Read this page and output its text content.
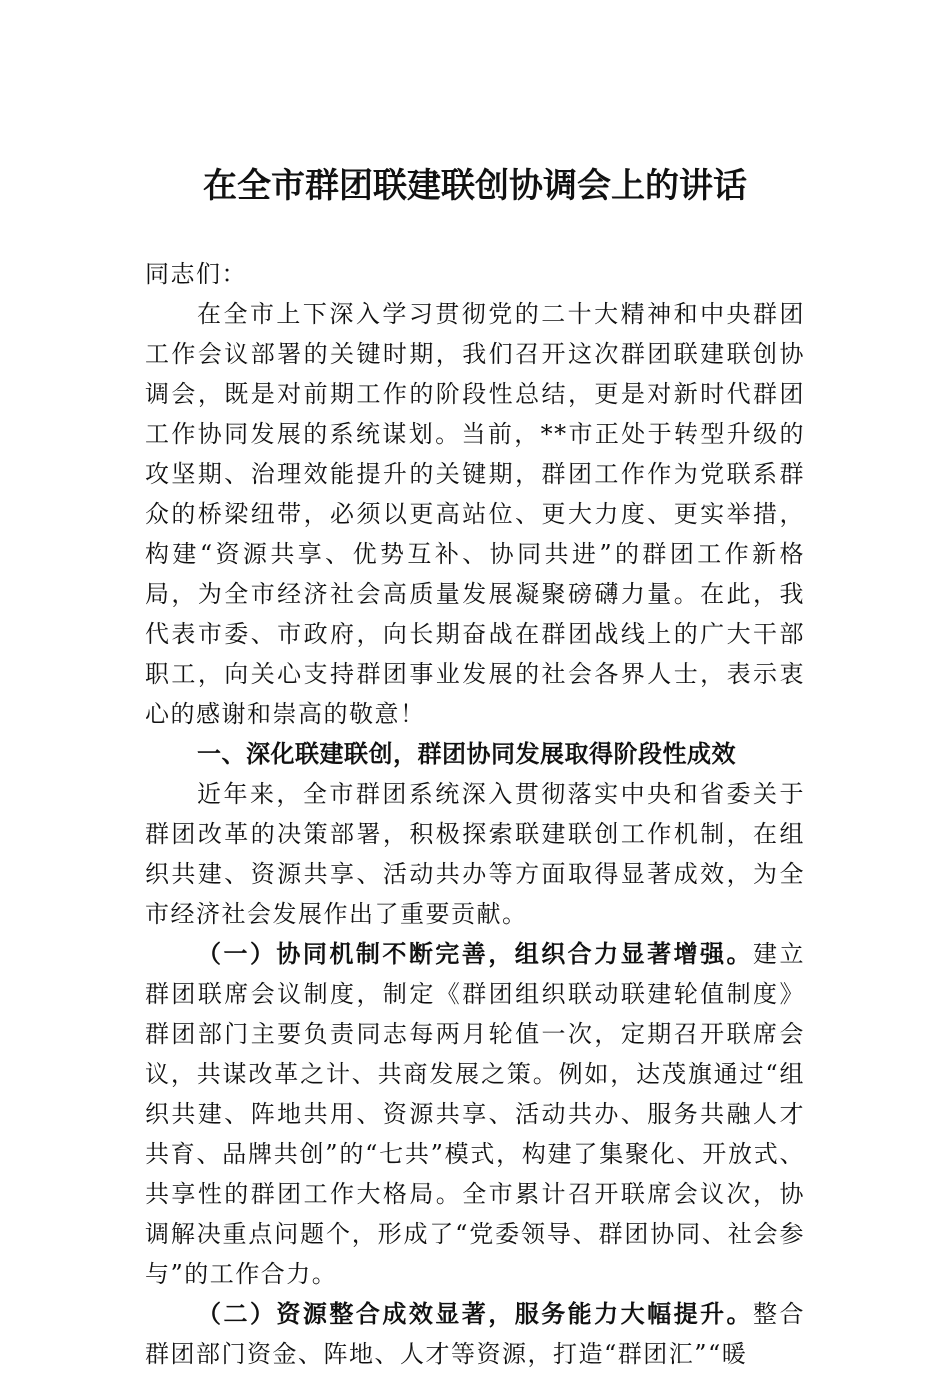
在全市群团联建联创协调会上的讲话

同志们：

在全市上下深入学习贯彻党的二十大精神和中央群团工作会议部署的关键时期，我们召开这次群团联建联创协调会，既是对前期工作的阶段性总结，更是对新时代群团工作协同发展的系统谋划。当前，**市正处于转型升级的攻坚期、治理效能提升的关键期，群团工作作为党联系群众的桥梁纽带，必须以更高站位、更大力度、更实举措，构建“资源共享、优势互补、协同共进”的群团工作新格局，为全市经济社会高质量发展凝聚磅礴力量。在此，我代表市委、市政府，向长期奋战在群团战线上的广大干部职工，向关心支持群团事业发展的社会各界人士，表示衷心的感谢和崇高的敬意！

一、深化联建联创，群团协同发展取得阶段性成效

近年来，全市群团系统深入贯彻落实中央和省委关于群团改革的决策部署，积极探索联建联创工作机制，在组织共建、资源共享、活动共办等方面取得显著成效，为全市经济社会发展作出了重要贡献。

（一）协同机制不断完善，组织合力显著增强。建立群团联席会议制度，制定《群团组织联动联建轮值制度》群团部门主要负责同志每两月轮值一次，定期召开联席会议，共谋改革之计、共商发展之策。例如，达茂旗通过“组织共建、阵地共用、资源共享、活动共办、服务共融人才共育、品牌共创”的“七共”模式，构建了集聚化、开放式、共享性的群团工作大格局。全市累计召开联席会议次，协调解决重点问题个，形成了“党委领导、群团协同、社会参与”的工作合力。

（二）资源整合成效显著，服务能力大幅提升。整合群团部门资金、阵地、人才等资源，打造“群团汇”“暖
